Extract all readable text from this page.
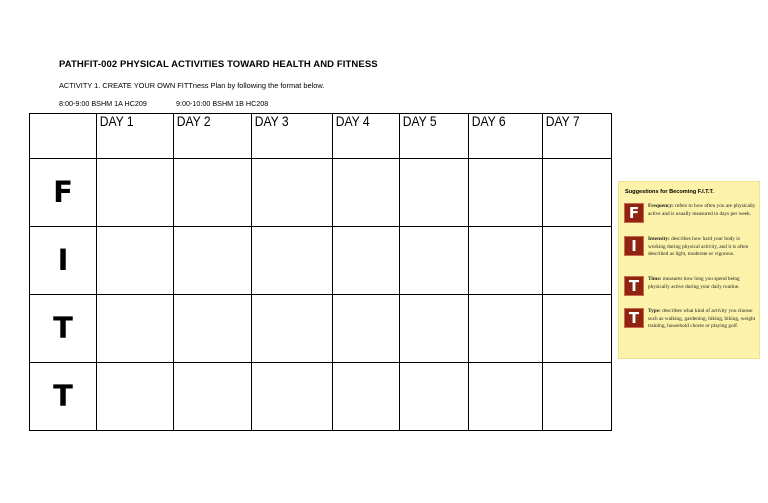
PATHFIT-002 PHYSICAL ACTIVITIES TOWARD HEALTH AND FITNESS
ACTIVITY 1. CREATE YOUR OWN FITTness Plan by following the format below.
8:00-9:00 BSHM 1A HC209	9:00-10:00 BSHM 1B HC208

	DAY 1	DAY 2	DAY 3	DAY 4	DAY 5	DAY 6	DAY 7

F							
I							
T							
T							
Suggestions for Becoming F.I.T.T.
F	Frequency: refers to how often you are physically active and is usually measured in days per week.
I	Intensity: describes how hard your body is working during physical activity, and it is often described as light, moderate or vigorous.
T	Time: measures how long you spend being physically active during your daily routine.
T	Type: describes what kind of activity you choose such as walking, gardening, hiking, biking, weight training, household chores or playing golf.
